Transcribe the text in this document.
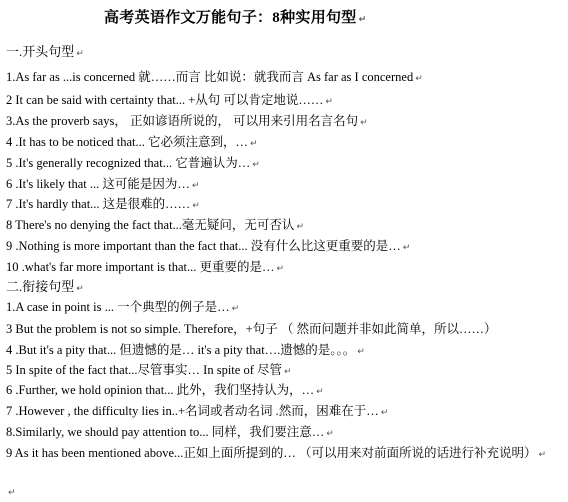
高考英语作文万能句子：8种实用句型 ↵
一.开头句型 ↵
1.As far as ...is concerned 就……而言 比如说：就我而言 As far as I concerned ↵
2 It can be said with certainty that... +从句 可以肯定地说…… ↵
3.As the proverb says， 正如谚语所说的， 可以用来引用名言名句 ↵
4 .It has to be noticed that... 它必须注意到，… ↵
5 .It's generally recognized that... 它普遍认为… ↵
6 .It's likely that ... 这可能是因为… ↵
7 .It's hardly that... 这是很难的…… ↵
8 There's no denying the fact that...毫无疑问，无可否认 ↵
9 .Nothing is more important than the fact that... 没有什么比这更重要的是… ↵
10 .what's far more important is that... 更重要的是… ↵
二.衔接句型 ↵
1.A case in point is ... 一个典型的例子是… ↵
3 But the problem is not so simple. Therefore，+句子 （ 然而问题并非如此简单，所以……）
4 .But it's a pity that... 但遗憾的是… it's a pity that….遗憾的是。。。 ↵
5 In spite of the fact that...尽管事实… In spite of 尽管 ↵
6 .Further, we hold opinion that... 此外，我们坚持认为，… ↵
7 .However , the difficulty lies in..+名词或者动名词 .然而，困难在于… ↵
8.Similarly, we should pay attention to... 同样，我们要注意… ↵
9 As it has been mentioned above...正如上面所提到的… （可以用来对前面所说的话进行补充说明） ↵
↵
